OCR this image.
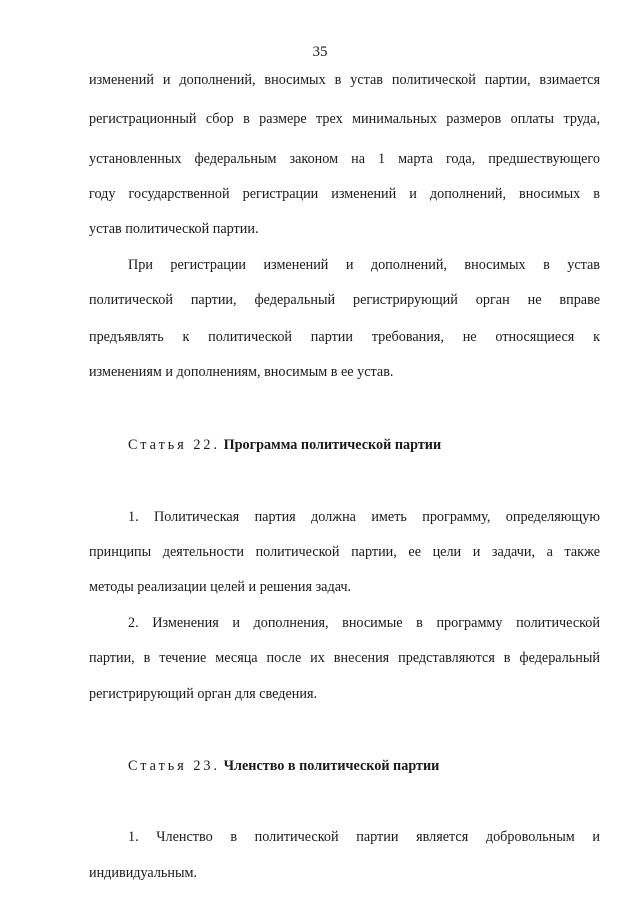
35
изменений и дополнений, вносимых в устав политической партии, взимается
регистрационный сбор в размере трех минимальных размеров оплаты труда,
установленных федеральным законом на 1 марта года, предшествующего
году государственной регистрации изменений и дополнений, вносимых в
устав политической партии.
При регистрации изменений и дополнений, вносимых в устав
политической партии, федеральный регистрирующий орган не вправе
предъявлять к политической партии требования, не относящиеся к
изменениям и дополнениям, вносимым в ее устав.
Статья 22. Программа политической партии
1. Политическая партия должна иметь программу, определяющую
принципы деятельности политической партии, ее цели и задачи, а также
методы реализации целей и решения задач.
2. Изменения и дополнения, вносимые в программу политической
партии, в течение месяца после их внесения представляются в федеральный
регистрирующий орган для сведения.
Статья 23. Членство в политической партии
1. Членство в политической партии является добровольным и
индивидуальным.
